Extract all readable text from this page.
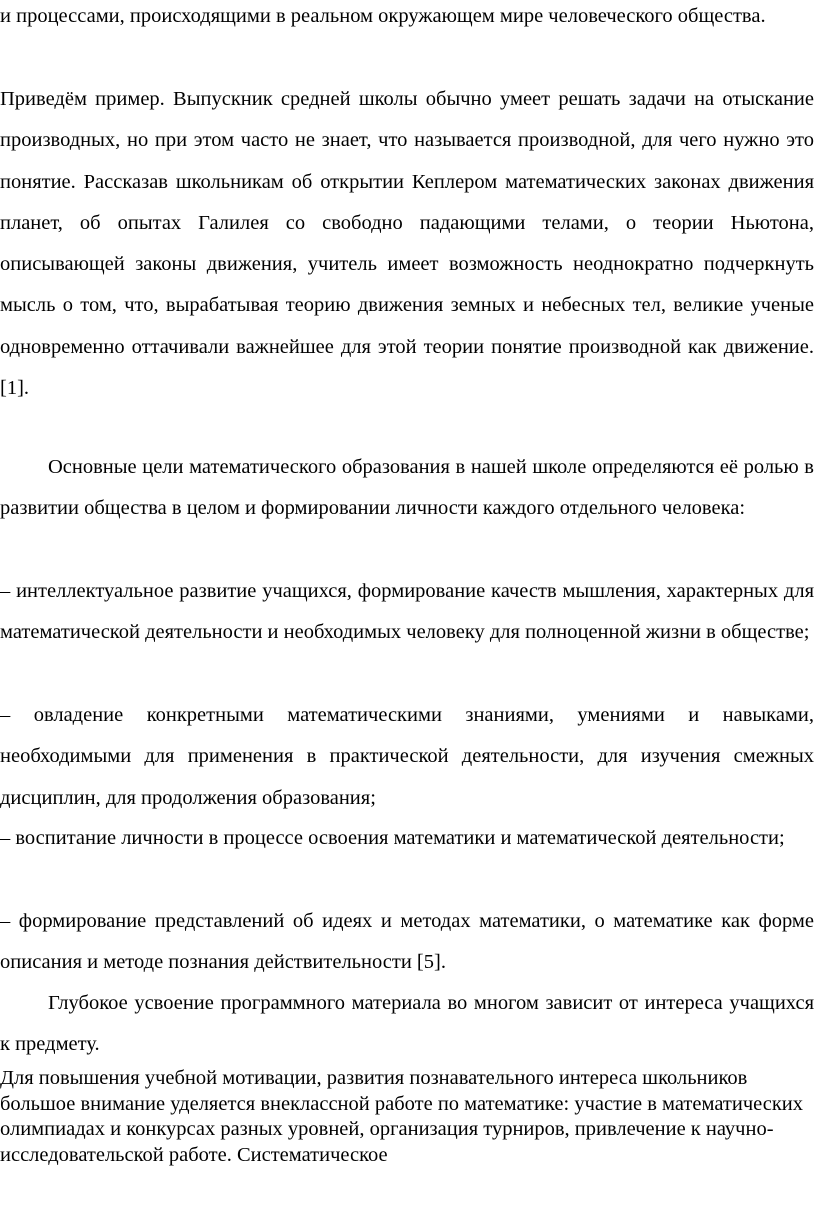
и процессами, происходящими в реальном окружающем мире человеческого общества.

Приведём пример. Выпускник средней школы обычно умеет решать задачи на отыскание производных, но при этом часто не знает, что называется производной, для чего нужно это понятие. Рассказав школьникам об открытии Кеплером математических законах движения планет, об опытах Галилея со свободно падающими телами, о теории Ньютона, описывающей законы движения, учитель имеет возможность неоднократно подчеркнуть мысль о том, что, вырабатывая теорию движения земных и небесных тел, великие ученые одновременно оттачивали важнейшее для этой теории понятие производной как движение. [1].

Основные цели математического образования в нашей школе определяются её ролью в развитии общества в целом и формировании личности каждого отдельного человека:

– интеллектуальное развитие учащихся, формирование качеств мышления, характерных для математической деятельности и необходимых человеку для полноценной жизни в обществе;

– овладение конкретными математическими знаниями, умениями и навыками, необходимыми для применения в практической деятельности, для изучения смежных дисциплин, для продолжения образования;

– воспитание личности в процессе освоения математики и математической деятельности;

– формирование представлений об идеях и методах математики, о математике как форме описания и методе познания действительности [5].

Глубокое усвоение программного материала во многом зависит от интереса учащихся к предмету.

Для повышения учебной мотивации, развития познавательного интереса школьников большое внимание уделяется внеклассной работе по математике: участие в математических олимпиадах и конкурсах разных уровней, организация турниров, привлечение к научно-исследовательской работе. Систематическое
